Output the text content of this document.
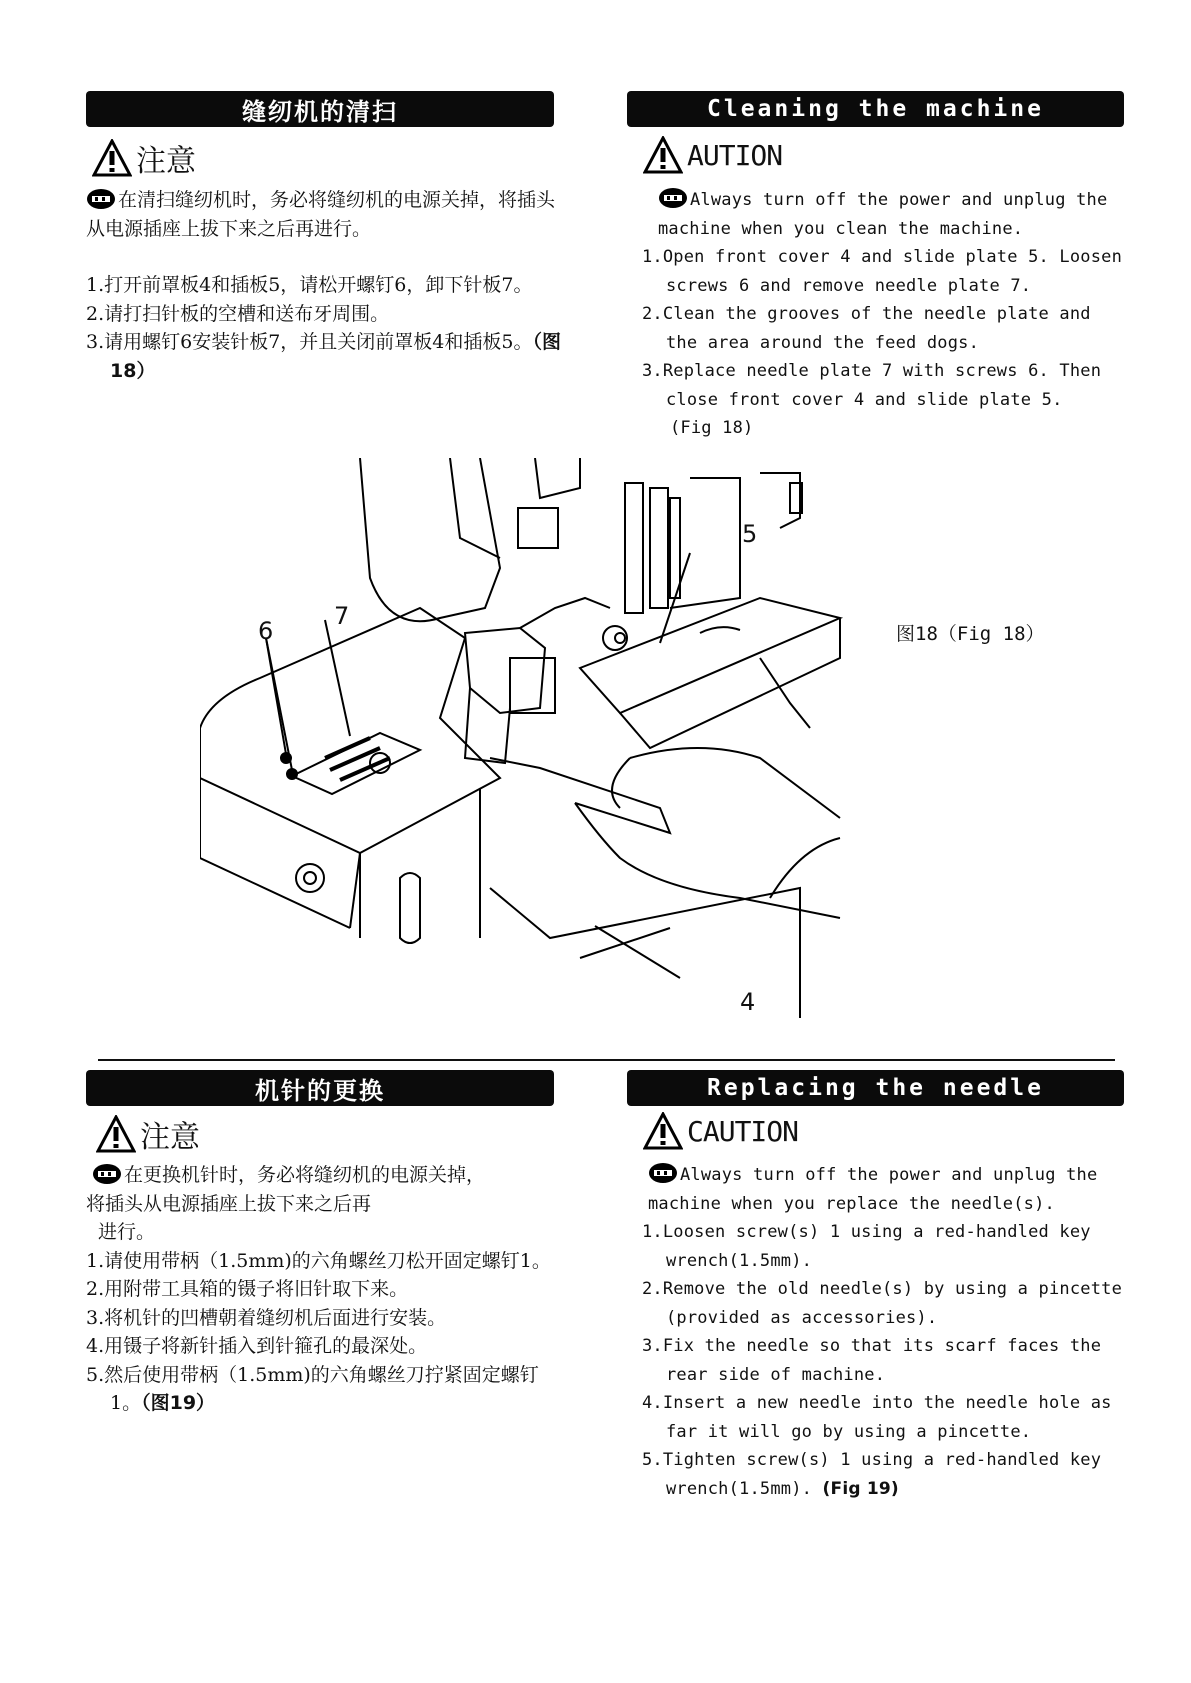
缝纫机的清扫	Cleaning the machine
注意	AUTION

在清扫缝纫机时，务必将缝纫机的电源关掉，将插头从电源插座上拔下来之后再进行。

1.打开前罩板4和插板5，请松开螺钉6，卸下针板7。

2.请打扫针板的空槽和送布牙周围。

3.请用螺钉6安装针板7，并且关闭前罩板4和插板5。（图18）

Always turn off the power and unplug the machine when you clean the machine.

1.Open front cover 4 and slide plate 5. Loosen screws 6 and remove needle plate 7.

2.Clean the grooves of the needle plate and the area around the feed dogs.

3.Replace needle plate 7 with screws 6. Then close front cover 4 and slide plate 5.

(Fig 18)

6
7
5
4
图18（Fig 18）
机针的更换	Replacing the needle
注意	CAUTION

在更换机针时，务必将缝纫机的电源关掉，

将插头从电源插座上拔下来之后再

进行。

1.请使用带柄（1.5mm)的六角螺丝刀松开固定螺钉1。

2.用附带工具箱的镊子将旧针取下来。

3.将机针的凹槽朝着缝纫机后面进行安装。

4.用镊子将新针插入到针箍孔的最深处。

5.然后使用带柄（1.5mm)的六角螺丝刀拧紧固定螺钉1。（图19）

Always turn off the power and unplug the machine when you replace the needle(s).

1.Loosen screw(s) 1 using a red-handled key wrench(1.5mm).

2.Remove the old needle(s) by using a pincette (provided as accessories).

3.Fix the needle so that its scarf faces the rear side of machine.

4.Insert a new needle into the needle hole as far it will go by using a pincette.

5.Tighten screw(s) 1 using a red-handled key wrench(1.5mm). (Fig 19)
